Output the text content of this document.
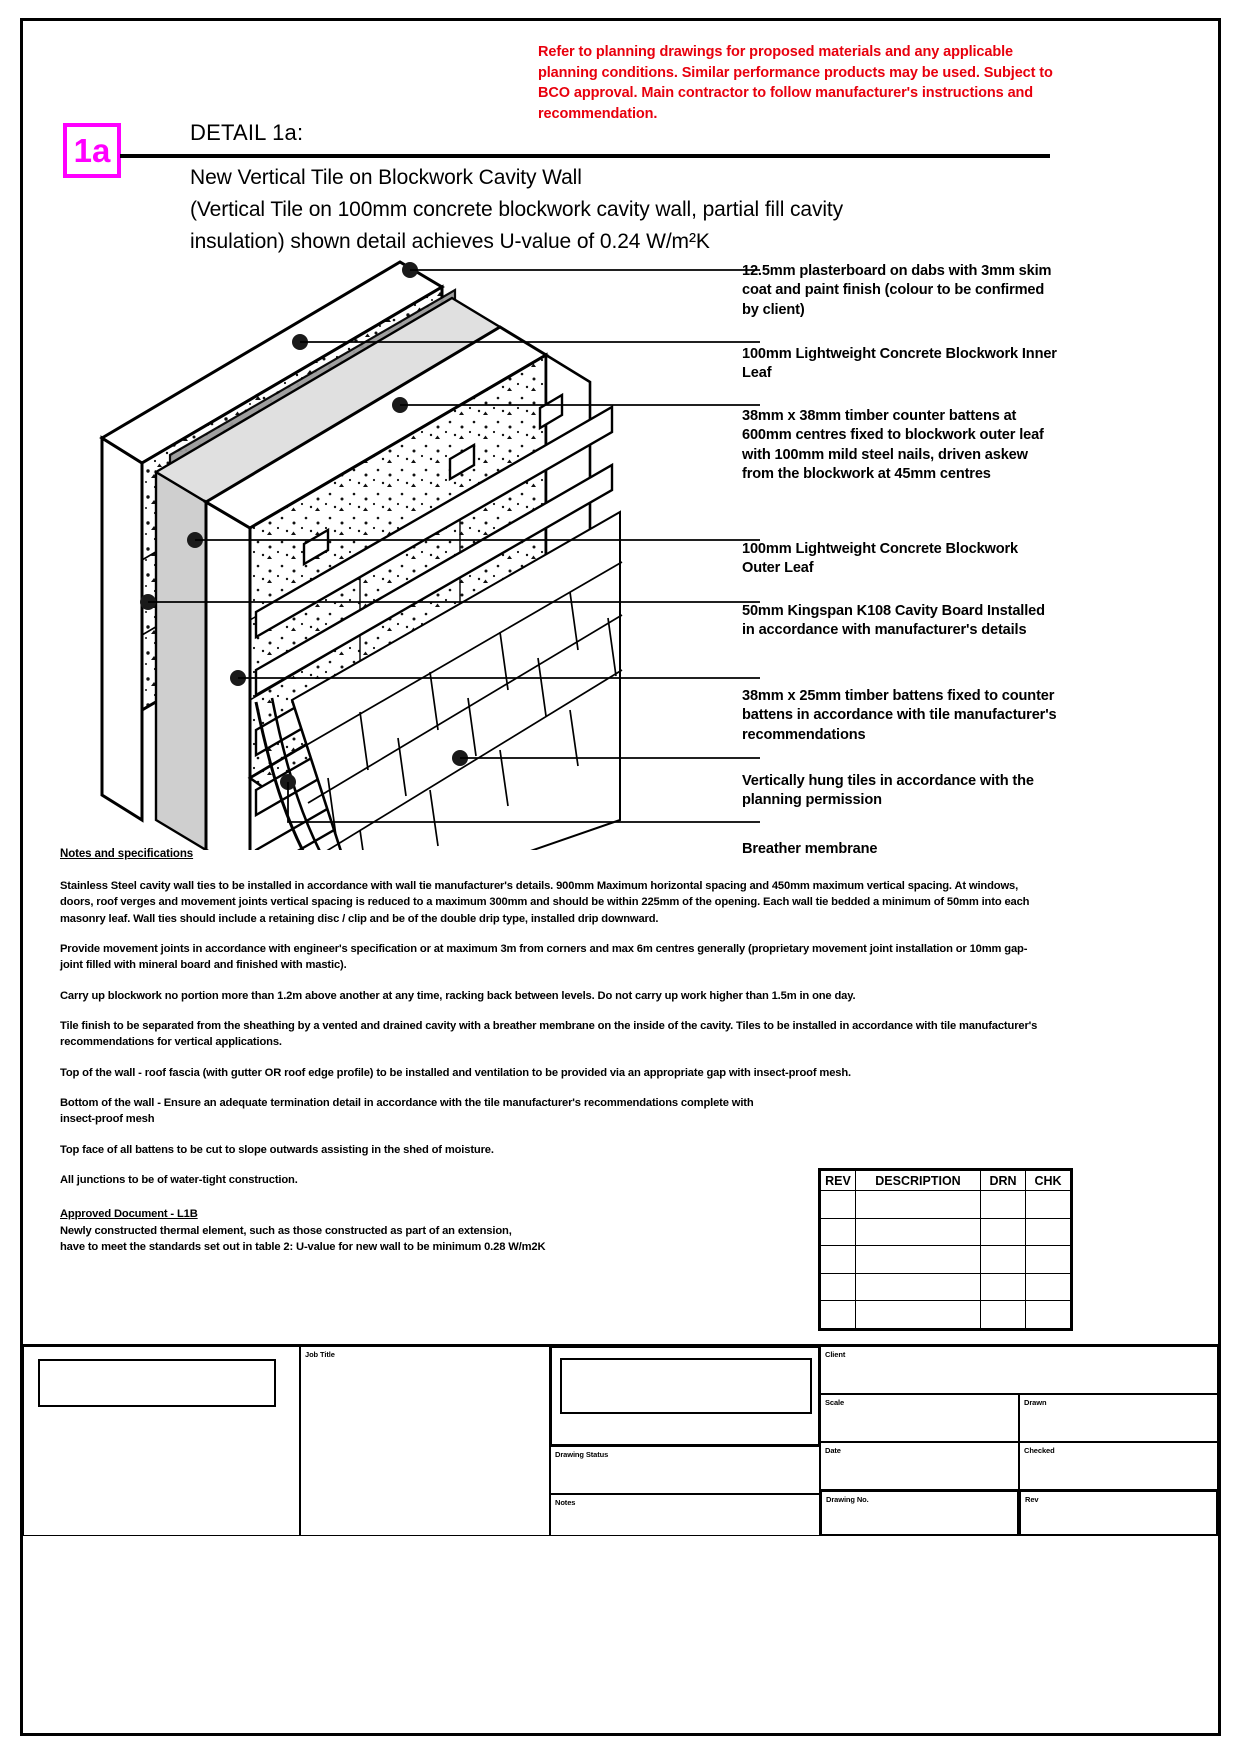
Refer to planning drawings for proposed materials and any applicable planning conditions. Similar performance products may be used. Subject to BCO approval. Main contractor to follow manufacturer's instructions and recommendation.
1a	DETAIL 1a:
New Vertical Tile on Blockwork Cavity Wall
(Vertical Tile on 100mm concrete blockwork cavity wall, partial fill cavity
insulation) shown detail achieves U-value of 0.24 W/m²K
12.5mm plasterboard on dabs with 3mm skim coat and paint finish (colour to be confirmed by client)
100mm Lightweight Concrete Blockwork Inner Leaf
38mm x 38mm timber counter battens at 600mm centres fixed to blockwork outer leaf with 100mm mild steel nails, driven askew from the blockwork at 45mm centres
100mm Lightweight Concrete Blockwork Outer Leaf
50mm Kingspan K108 Cavity Board Installed in accordance with manufacturer's details
38mm x 25mm timber battens fixed to counter battens in accordance with tile manufacturer's recommendations
Vertically hung tiles in accordance with the planning permission
Breather membrane
Notes and specifications
Stainless Steel cavity wall ties to be installed in accordance with wall tie manufacturer's details. 900mm Maximum horizontal spacing and 450mm maximum vertical spacing. At windows, doors, roof verges and movement joints vertical spacing is reduced to a maximum 300mm and should be within 225mm of the opening. Each wall tie bedded a minimum of 50mm into each masonry leaf. Wall ties should include a retaining disc / clip and be of the double drip type, installed drip downward.
Provide movement joints in accordance with engineer's specification or at maximum 3m from corners and max 6m centres generally (proprietary movement joint installation or 10mm gap-joint filled with mineral board and finished with mastic).
Carry up blockwork no portion more than 1.2m above another at any time, racking back between levels. Do not carry up work higher than 1.5m in one day.
Tile finish to be separated from the sheathing by a vented and drained cavity with a breather membrane on the inside of the cavity. Tiles to be installed in accordance with tile manufacturer's recommendations for vertical applications.
Top of the wall - roof fascia (with gutter OR roof edge profile) to be installed and ventilation to be provided via an appropriate gap with insect-proof mesh.
Bottom of the wall - Ensure an adequate termination detail in accordance with the tile manufacturer's recommendations complete with insect-proof mesh
Top face of all battens to be cut to slope outwards assisting in the shed of moisture.
All junctions to be of water-tight construction.
Approved Document - L1B
Newly constructed thermal element, such as those constructed as part of an extension,
have to meet the standards set out in table 2: U-value for new wall to be minimum 0.28 W/m2K
REV	DESCRIPTION	DRN	CHK

Job Title
Drawing Status
Notes
Client
Scale	Drawn
Date	Checked
Drawing No.	Rev
